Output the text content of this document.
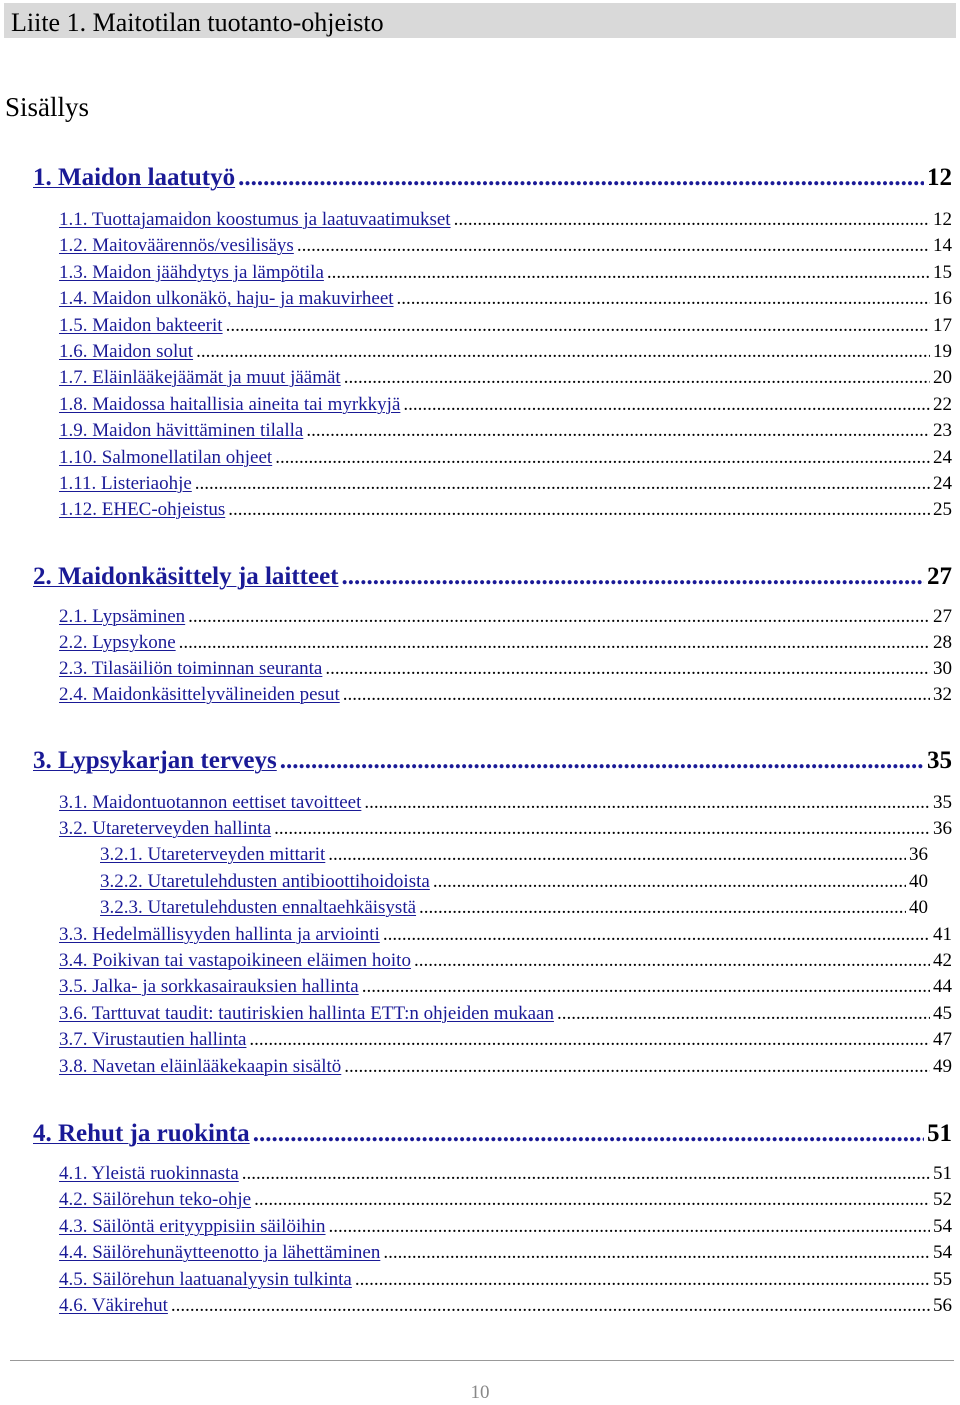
Liite 1. Maitotilan tuotanto-ohjeisto
Sisällys
1. Maidon laatutyö .....	12
1.1. Tuottajamaidon koostumus ja laatuvaatimukset .....	12
1.2. Maitoväärennös/vesilisäys .....	14
1.3. Maidon jäähdytys ja lämpötila .....	15
1.4. Maidon ulkonäkö, haju- ja makuvirheet .....	16
1.5. Maidon bakteerit .....	17
1.6. Maidon solut .....	19
1.7. Eläinlääkejäämät ja muut jäämät .....	20
1.8. Maidossa haitallisia aineita tai myrkkyjä .....	22
1.9. Maidon hävittäminen tilalla .....	23
1.10. Salmonellatilan ohjeet .....	24
1.11. Listeriaohje .....	24
1.12. EHEC-ohjeistus .....	25
2. Maidonkäsittely ja laitteet .....	27
2.1. Lypsäminen .....	27
2.2. Lypsykone .....	28
2.3. Tilasäiliön toiminnan seuranta .....	30
2.4. Maidonkäsittelyvälineiden pesut .....	32
3. Lypsykarjan terveys .....	35
3.1. Maidontuotannon eettiset tavoitteet .....	35
3.2. Utareterveyden hallinta .....	36
3.2.1. Utareterveyden mittarit .....	36
3.2.2. Utaretulehdusten antibioottihoidoista .....	40
3.2.3. Utaretulehdusten ennaltaehkäisystä .....	40
3.3. Hedelmällisyyden hallinta ja arviointi .....	41
3.4. Poikivan tai vastapoikineen eläimen hoito .....	42
3.5. Jalka- ja sorkkasairauksien hallinta .....	44
3.6. Tarttuvat taudit: tautiriskien hallinta ETT:n ohjeiden mukaan .....	45
3.7. Virustautien hallinta .....	47
3.8. Navetan eläinlääkekaapin sisältö .....	49
4. Rehut ja ruokinta .....	51
4.1. Yleistä ruokinnasta .....	51
4.2. Säilörehun teko-ohje .....	52
4.3. Säilöntä erityyppisiin säilöihin .....	54
4.4. Säilörehunäytteenotto ja lähettäminen .....	54
4.5. Säilörehun laatuanalyysin tulkinta .....	55
4.6. Väkirehut .....	56
10
